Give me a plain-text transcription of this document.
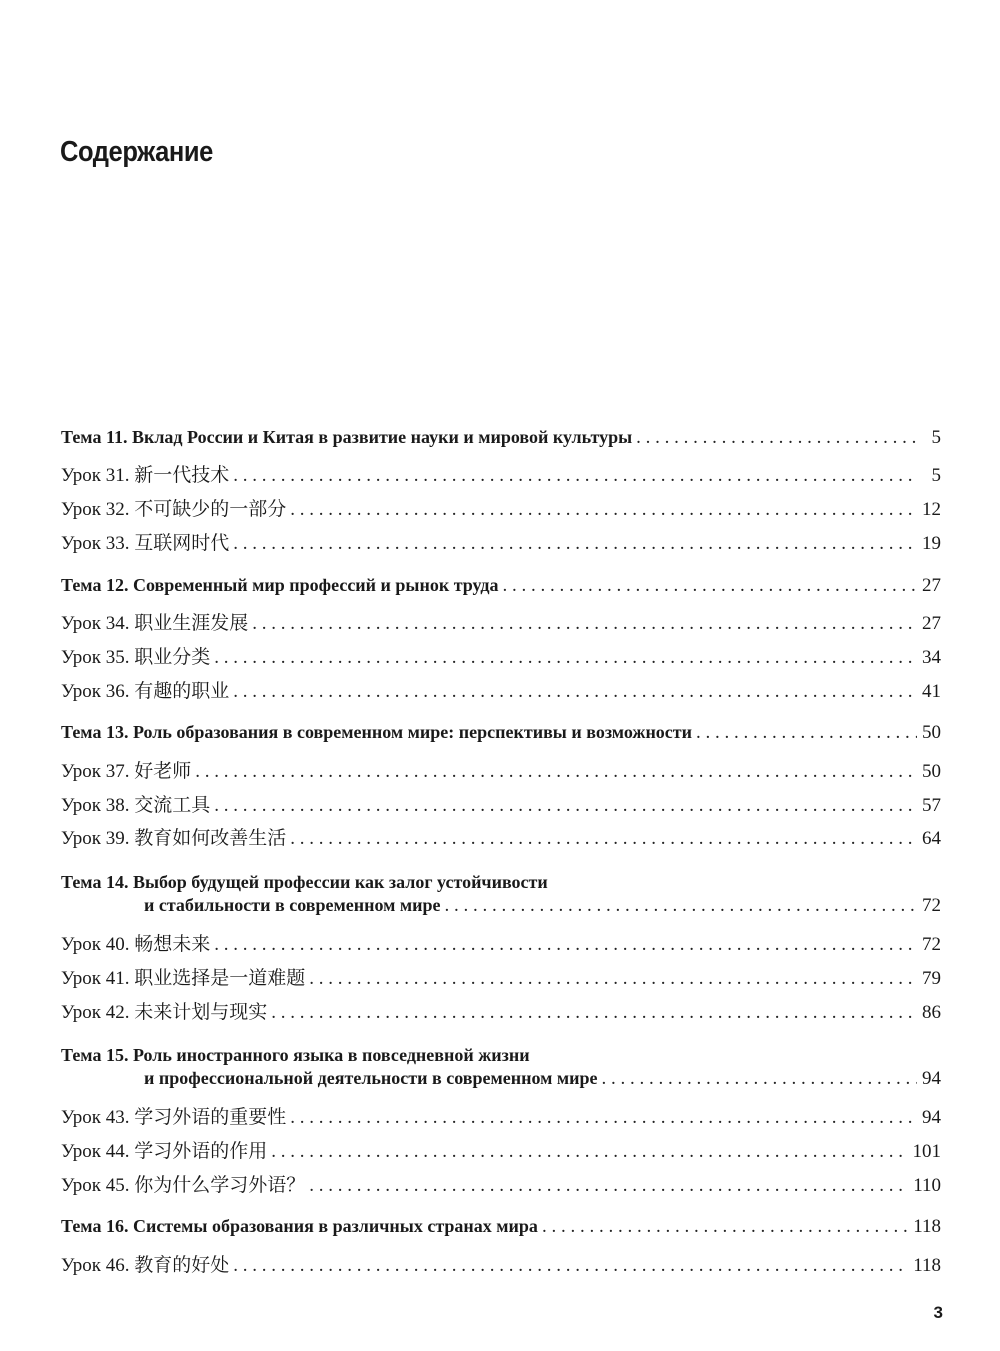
Содержание
Тема 11. Вклад России и Китая в развитие науки и мировой культуры . . .	5
Урок 31. 新一代技术 . . .	5
Урок 32. 不可缺少的一部分 . . .	12
Урок 33. 互联网时代 . . .	19
Тема 12. Современный мир профессий и рынок труда . . .	27
Урок 34. 职业生涯发展 . . .	27
Урок 35. 职业分类 . . .	34
Урок 36. 有趣的职业 . . .	41
Тема 13. Роль образования в современном мире: перспективы и возможности . . .	50
Урок 37. 好老师 . . .	50
Урок 38. 交流工具 . . .	57
Урок 39. 教育如何改善生活 . . .	64
Тема 14. Выбор будущей профессии как залог устойчивости
и стабильности в современном мире . . .	72
Урок 40. 畅想未来 . . .	72
Урок 41. 职业选择是一道难题 . . .	79
Урок 42. 未来计划与现实 . . .	86
Тема 15. Роль иностранного языка в повседневной жизни
и профессиональной деятельности в современном мире . . .	94
Урок 43. 学习外语的重要性 . . .	94
Урок 44. 学习外语的作用 . . .	101
Урок 45. 你为什么学习外语？ . . .	110
Тема 16. Системы образования в различных странах мира . . .	118
Урок 46. 教育的好处 . . .	118
3
